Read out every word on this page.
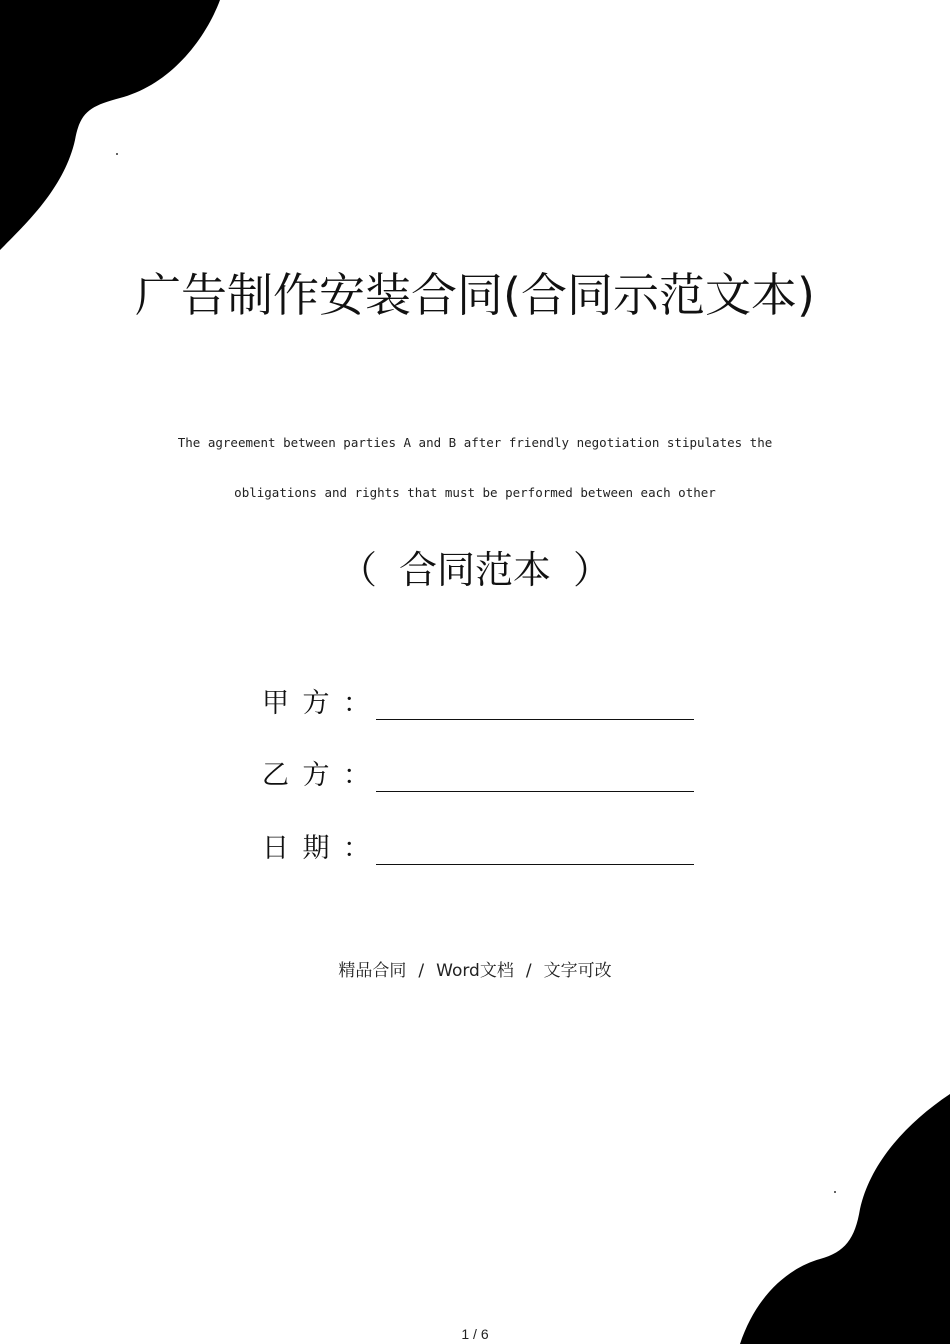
广告制作安装合同(合同示范文本)
The agreement between parties A and B after friendly negotiation stipulates the
obligations and rights that must be performed between each other
（ 合同范本 ）
甲 方 ：
乙 方 ：
日 期 ：
精品合同 / Word文档 / 文字可改
1 / 6
